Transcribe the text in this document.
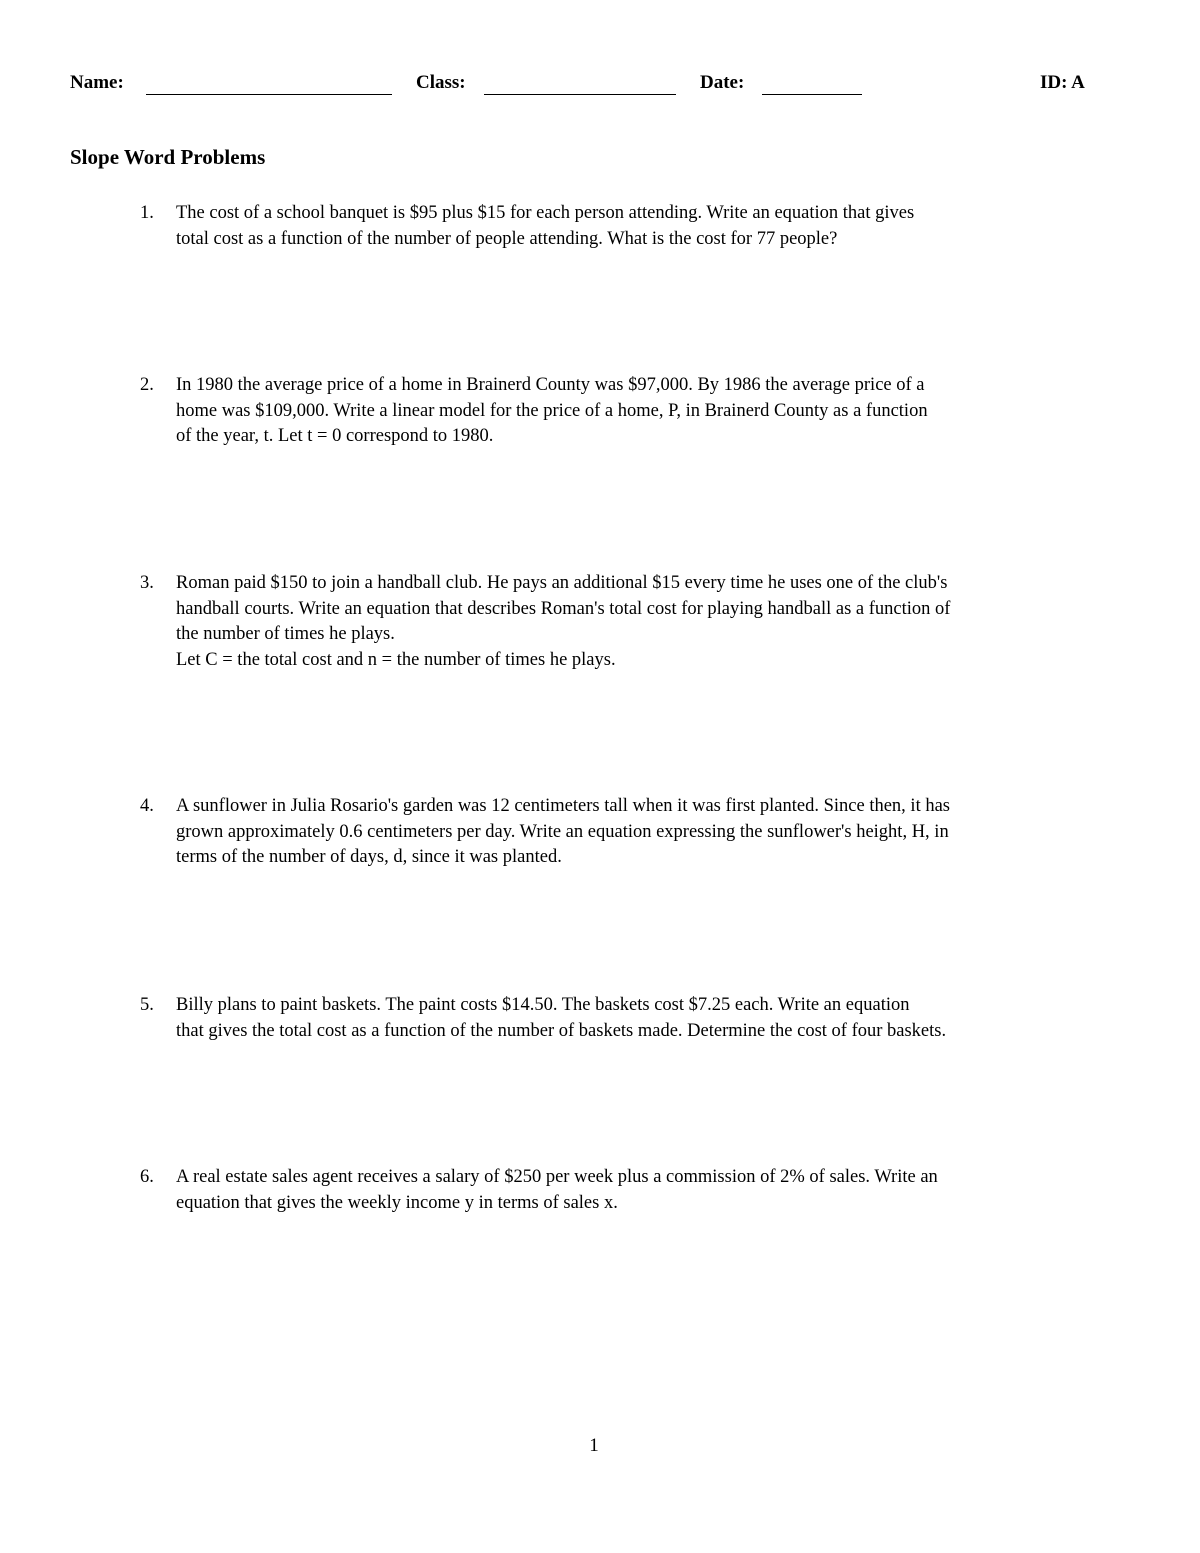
Name:	Class:	Date:	ID: A
Slope Word Problems
1.	The cost of a school banquet is $95 plus $15 for each person attending. Write an equation that gives
total cost as a function of the number of people attending. What is the cost for 77 people?
2.	In 1980 the average price of a home in Brainerd County was $97,000. By 1986 the average price of a
home was $109,000. Write a linear model for the price of a home, P, in Brainerd County as a function
of the year, t. Let t = 0 correspond to 1980.
3.	Roman paid $150 to join a handball club. He pays an additional $15 every time he uses one of the club's
handball courts. Write an equation that describes Roman's total cost for playing handball as a function of
the number of times he plays.
Let C = the total cost and n = the number of times he plays.
4.	A sunflower in Julia Rosario's garden was 12 centimeters tall when it was first planted. Since then, it has
grown approximately 0.6 centimeters per day. Write an equation expressing the sunflower's height, H, in
terms of the number of days, d, since it was planted.
5.	Billy plans to paint baskets. The paint costs $14.50. The baskets cost $7.25 each. Write an equation
that gives the total cost as a function of the number of baskets made. Determine the cost of four baskets.
6.	A real estate sales agent receives a salary of $250 per week plus a commission of 2% of sales. Write an
equation that gives the weekly income y in terms of sales x.
1
